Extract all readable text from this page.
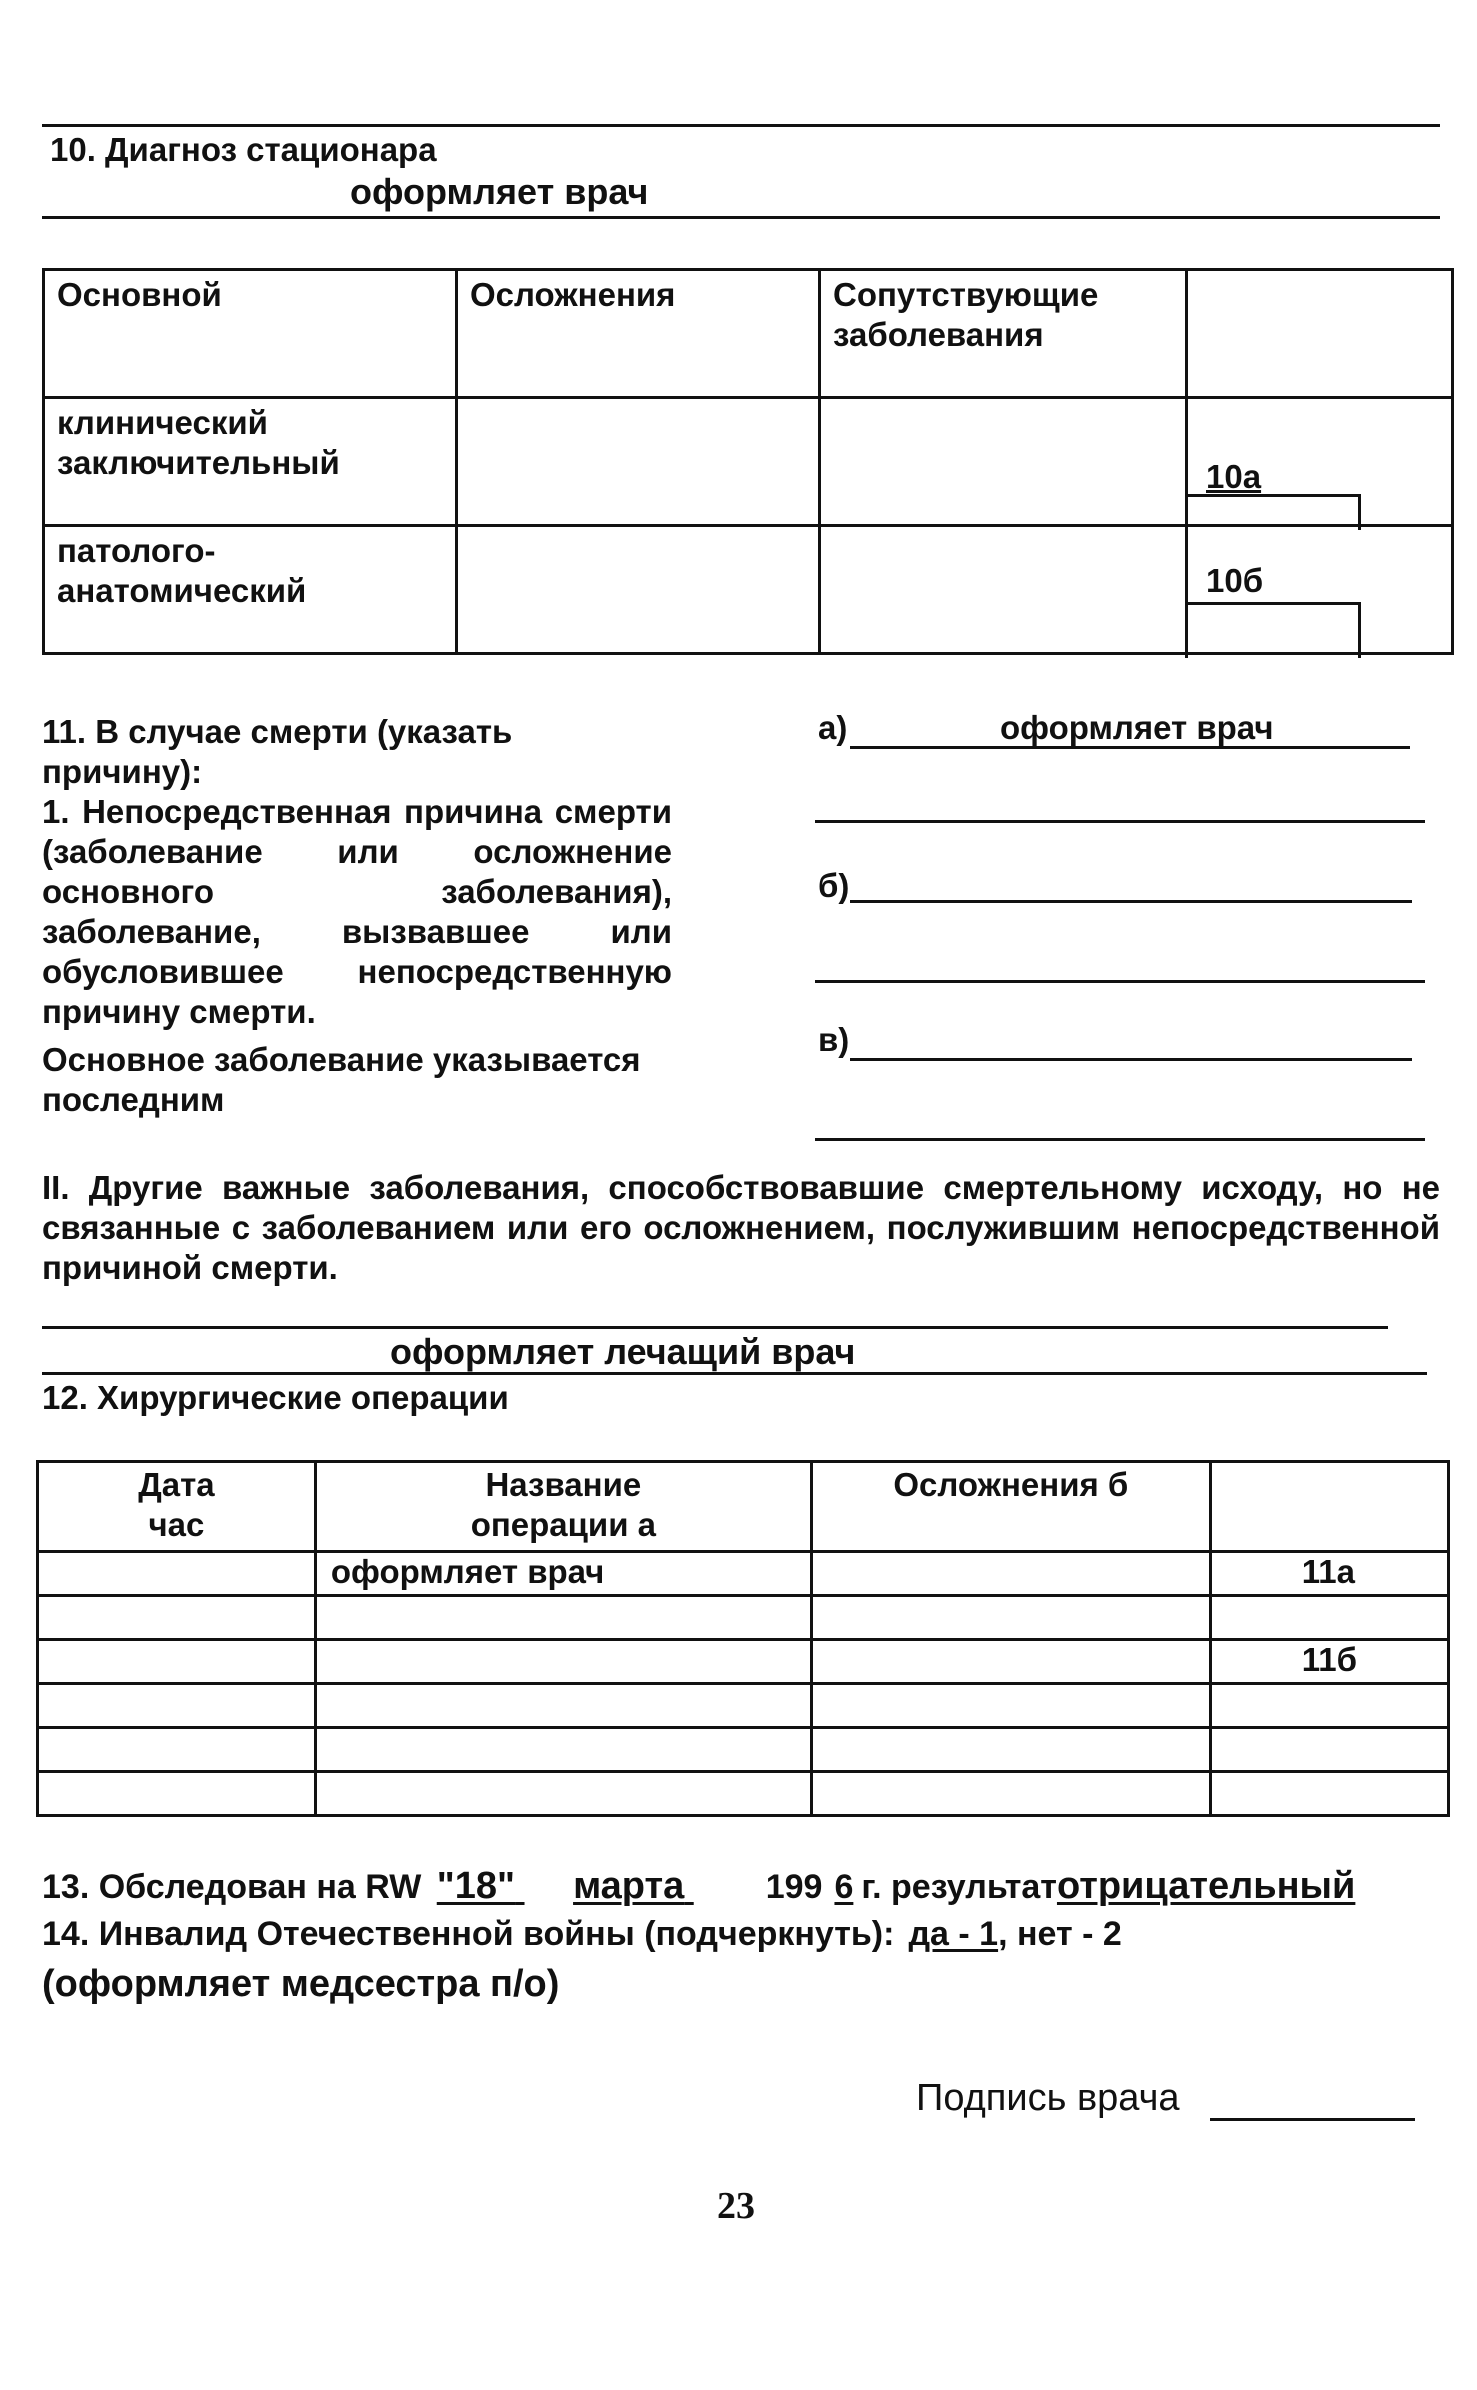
10. Диагноз стационара
оформляет врач
Основной	Осложнения	Сопутствующие заболевания	
клинический заключительный			10а

патолого-анатомический			10б
11. В случае смерти (указать причину):
1. Непосредственная причина смерти (заболевание или осложнение основного заболевания), заболевание, вызвавшее или обусловившее непосредственную причину смерти.
Основное заболевание указывается последним
а)	оформляет врач
б)
в)
II. Другие важные заболевания, способствовавшие смертельному исходу, но не связанные с заболеванием или его осложнением, послужившим непосредственной причиной смерти.
оформляет лечащий врач
12. Хирургические операции
Дата час	Название операции а	Осложнения б	
	оформляет врач		11а

			11б

13. Обследован на RW "18" марта 199 6 г. результатотрицательный
14. Инвалид Отечественной войны (подчеркнуть): да - 1, нет - 2
(оформляет медсестра п/о)
Подпись врача
23
